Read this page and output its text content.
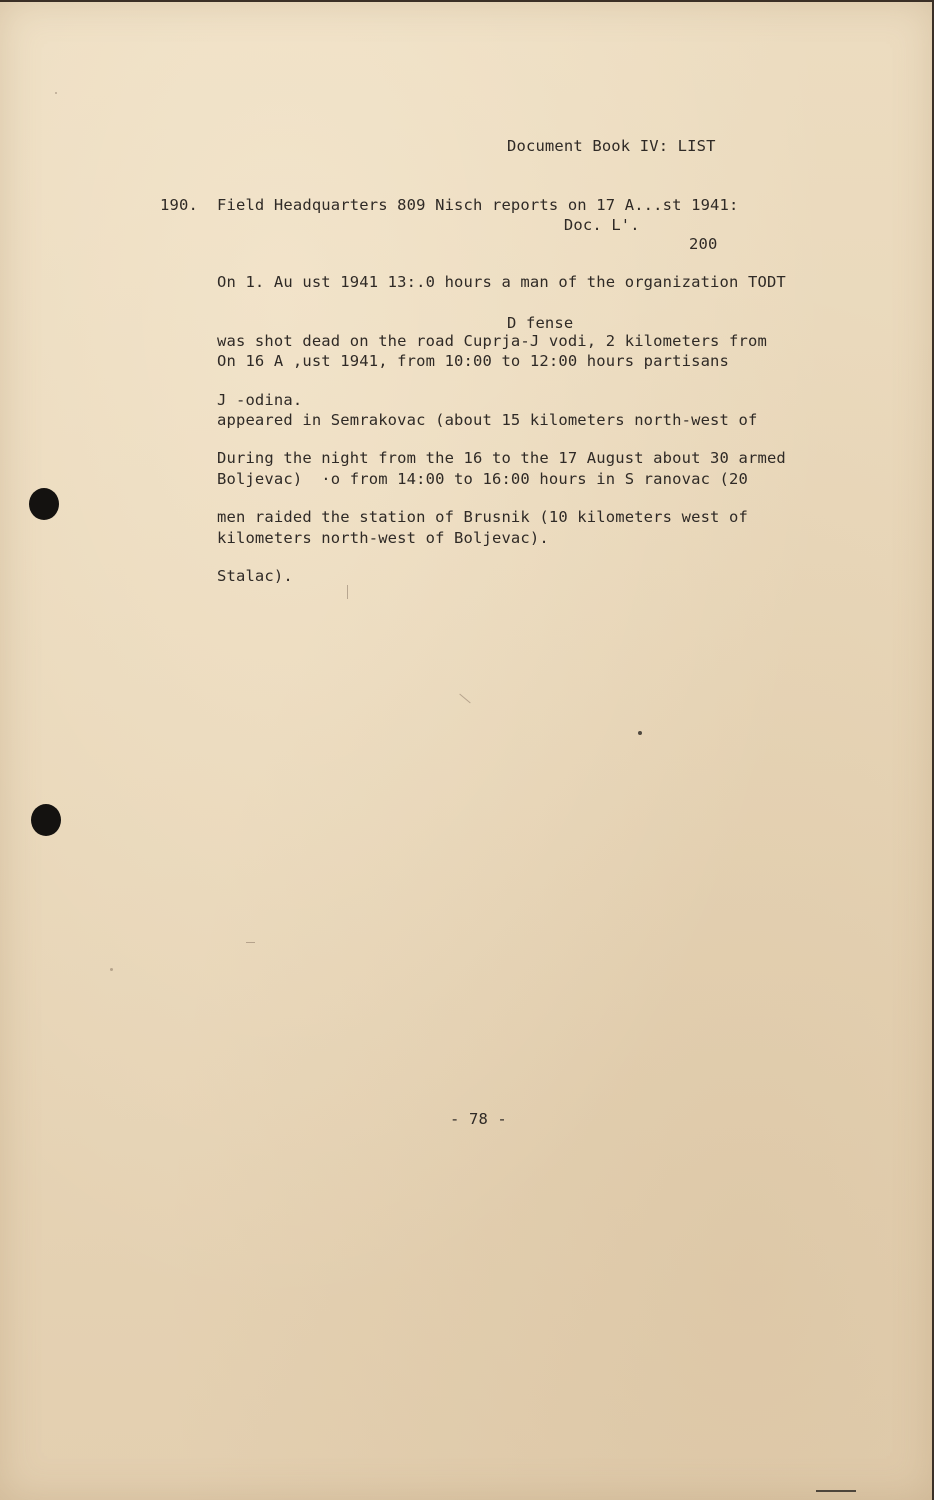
Document Book IV: LIST

Doc. L'.

200

D fense

190. Field Headquarters 809 Nisch reports on 17 A...st 1941:

On 1. Au ust 1941 13:.0 hours a man of the organization TODT

was shot dead on the road Cuprja-J vodi, 2 kilometers from

J -odina.

On 16 A ,ust 1941, from 10:00 to 12:00 hours partisans

appeared in Semrakovac (about 15 kilometers north-west of

Boljevac)  ·o from 14:00 to 16:00 hours in S ranovac (20

kilometers north-west of Boljevac).

During the night from the 16 to the 17 August about 30 armed

men raided the station of Brusnik (10 kilometers west of

Stalac).

- 78 -
